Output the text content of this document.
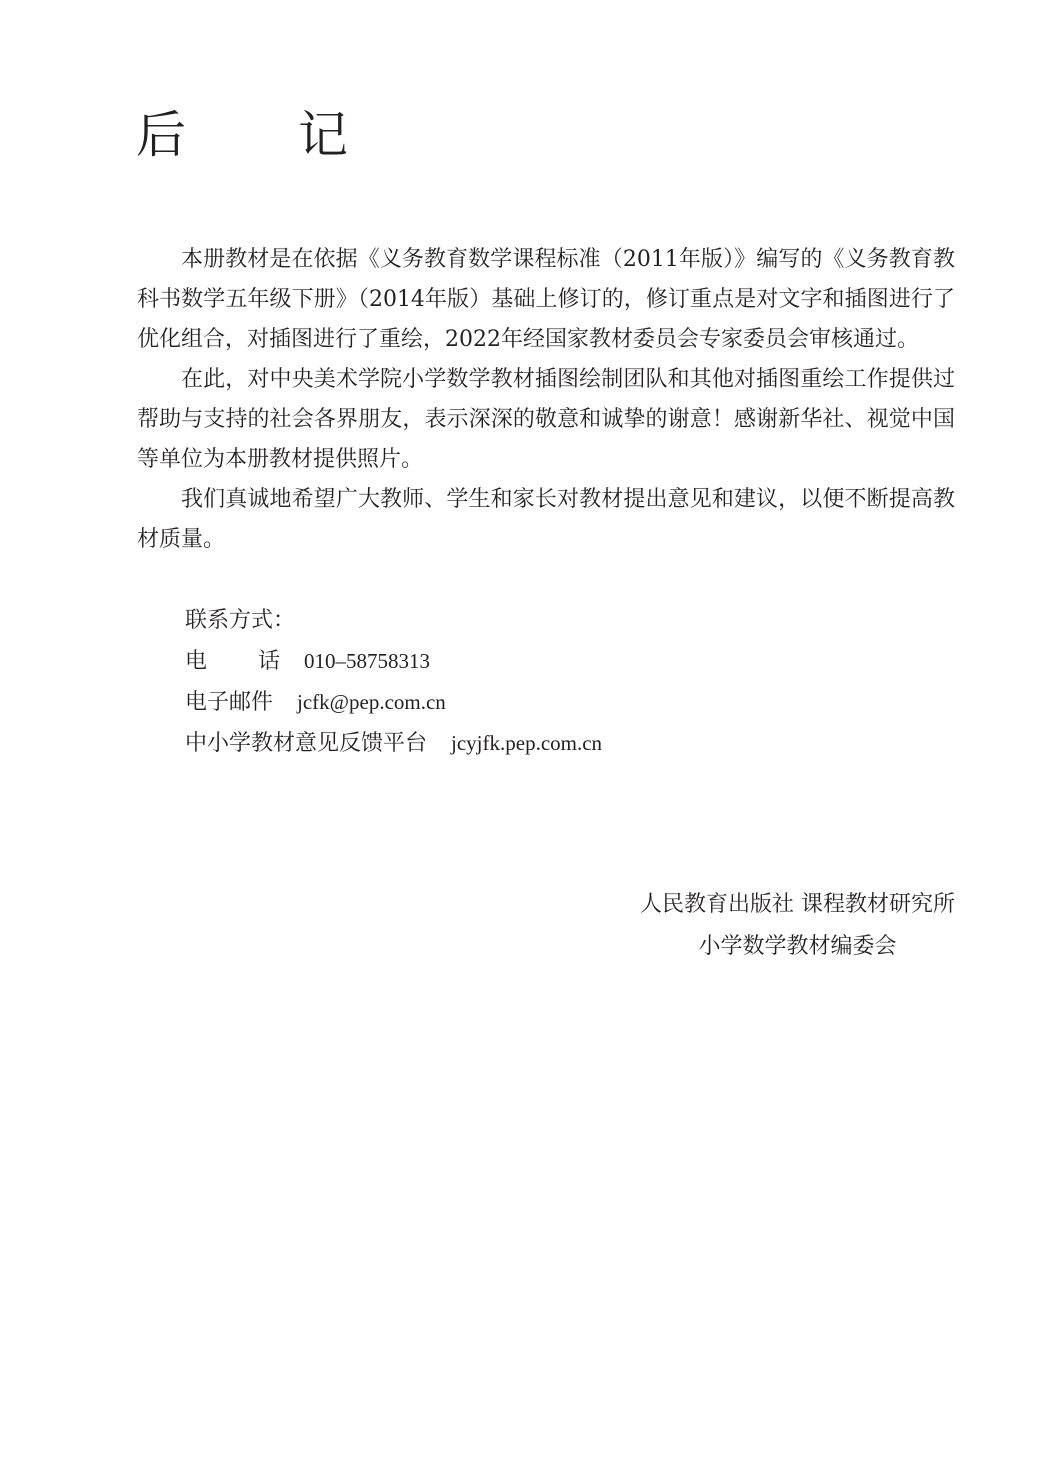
后 记

本册教材是在依据《义务教育数学课程标准（2011年版）》编写的《义务教育教科书数学五年级下册》（2014年版）基础上修订的，修订重点是对文字和插图进行了优化组合，对插图进行了重绘，2022年经国家教材委员会专家委员会审核通过。

在此，对中央美术学院小学数学教材插图绘制团队和其他对插图重绘工作提供过帮助与支持的社会各界朋友，表示深深的敬意和诚挚的谢意！感谢新华社、视觉中国等单位为本册教材提供照片。

我们真诚地希望广大教师、学生和家长对教材提出意见和建议，以便不断提高教材质量。

联系方式：
电 话 010–58758313
电子邮件 jcfk@pep.com.cn
中小学教材意见反馈平台 jcyjfk.pep.com.cn
人民教育出版社 课程教材研究所
小学数学教材编委会
